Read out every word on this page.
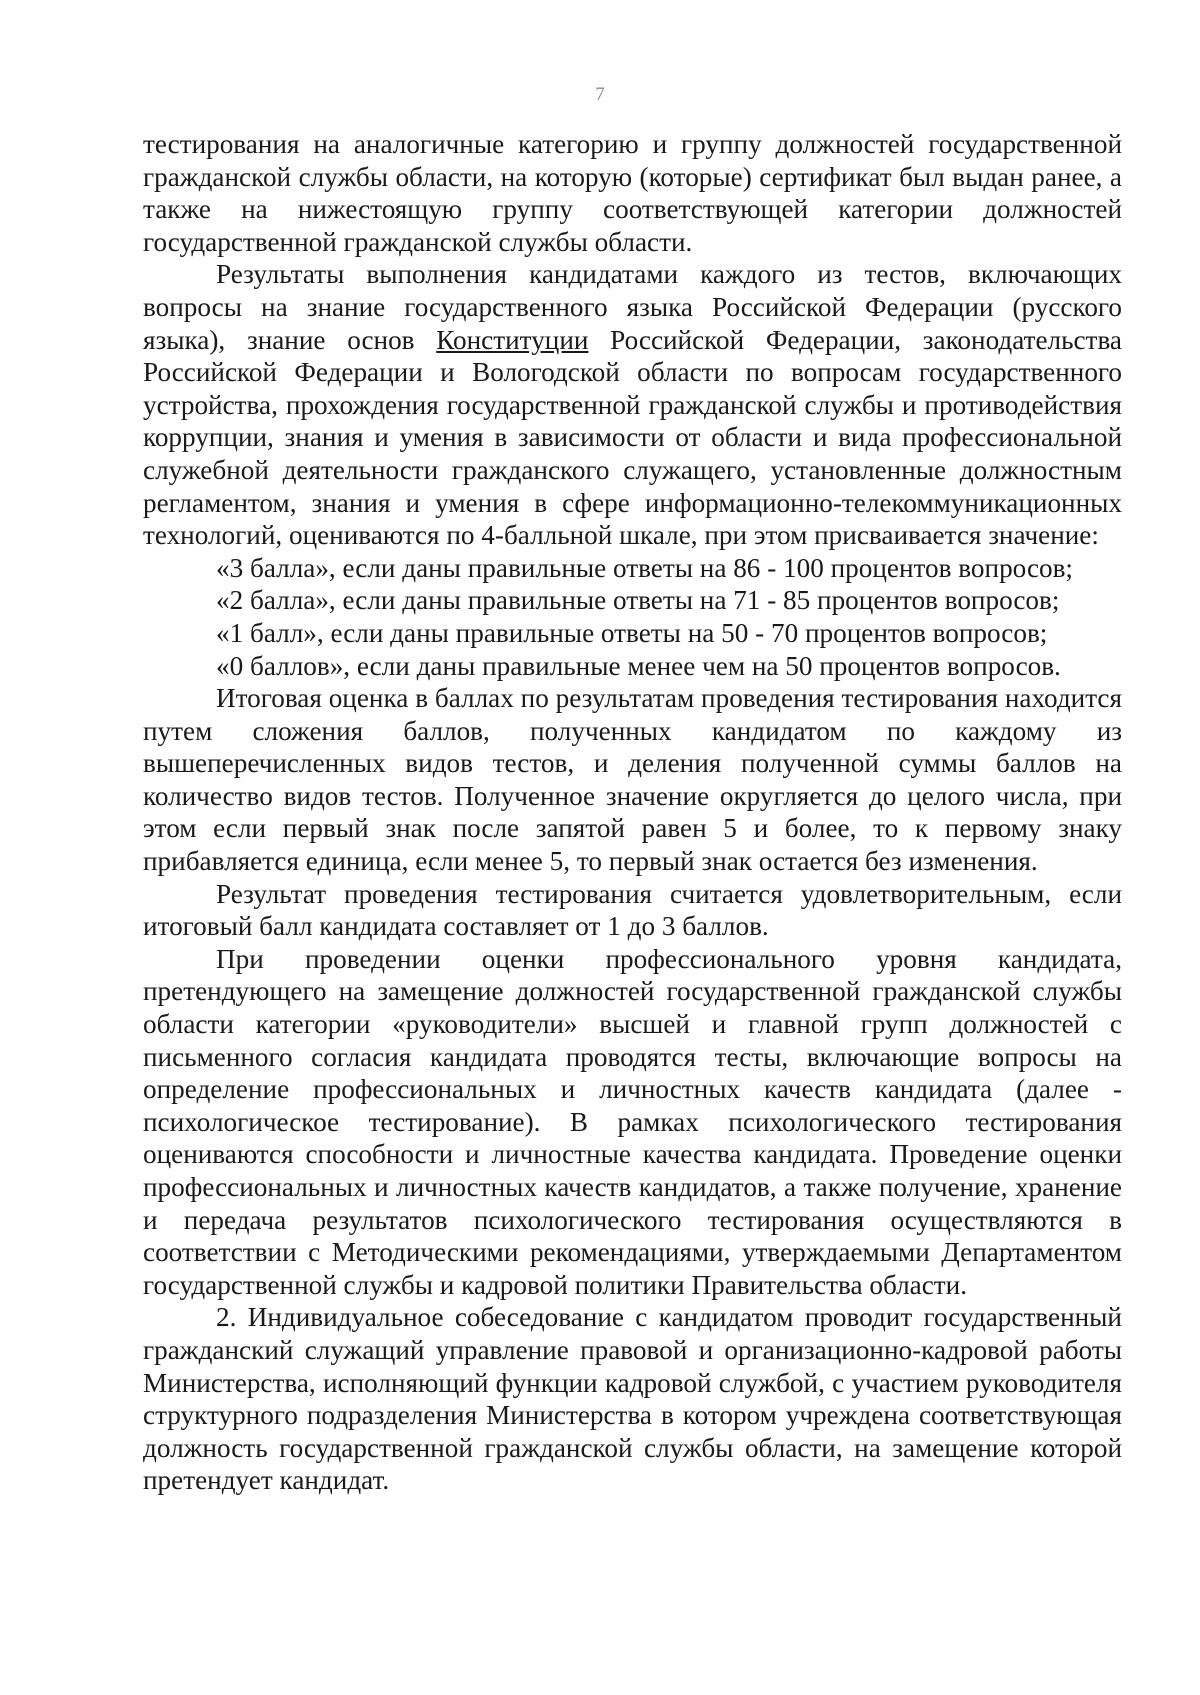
7

тестирования на аналогичные категорию и группу должностей государственной гражданской службы области, на которую (которые) сертификат был выдан ранее, а также на нижестоящую группу соответствующей категории должностей государственной гражданской службы области.

Результаты выполнения кандидатами каждого из тестов, включающих вопросы на знание государственного языка Российской Федерации (русского языка), знание основ Конституции Российской Федерации, законодательства Российской Федерации и Вологодской области по вопросам государственного устройства, прохождения государственной гражданской службы и противодействия коррупции, знания и умения в зависимости от области и вида профессиональной служебной деятельности гражданского служащего, установленные должностным регламентом, знания и умения в сфере информационно-телекоммуникационных технологий, оцениваются по 4-балльной шкале, при этом присваивается значение:

«3 балла», если даны правильные ответы на 86 - 100 процентов вопросов;

«2 балла», если даны правильные ответы на 71 - 85 процентов вопросов;

«1 балл», если даны правильные ответы на 50 - 70 процентов вопросов;

«0 баллов», если даны правильные менее чем на 50 процентов вопросов.

Итоговая оценка в баллах по результатам проведения тестирования находится путем сложения баллов, полученных кандидатом по каждому из вышеперечисленных видов тестов, и деления полученной суммы баллов на количество видов тестов. Полученное значение округляется до целого числа, при этом если первый знак после запятой равен 5 и более, то к первому знаку прибавляется единица, если менее 5, то первый знак остается без изменения.

Результат проведения тестирования считается удовлетворительным, если итоговый балл кандидата составляет от 1 до 3 баллов.

При проведении оценки профессионального уровня кандидата, претендующего на замещение должностей государственной гражданской службы области категории «руководители» высшей и главной групп должностей с письменного согласия кандидата проводятся тесты, включающие вопросы на определение профессиональных и личностных качеств кандидата (далее - психологическое тестирование). В рамках психологического тестирования оцениваются способности и личностные качества кандидата. Проведение оценки профессиональных и личностных качеств кандидатов, а также получение, хранение и передача результатов психологического тестирования осуществляются в соответствии с Методическими рекомендациями, утверждаемыми Департаментом государственной службы и кадровой политики Правительства области.

2. Индивидуальное собеседование с кандидатом проводит государственный гражданский служащий управление правовой и организационно-кадровой работы Министерства, исполняющий функции кадровой службой, с участием руководителя структурного подразделения Министерства в котором учреждена соответствующая должность государственной гражданской службы области, на замещение которой претендует кандидат.
